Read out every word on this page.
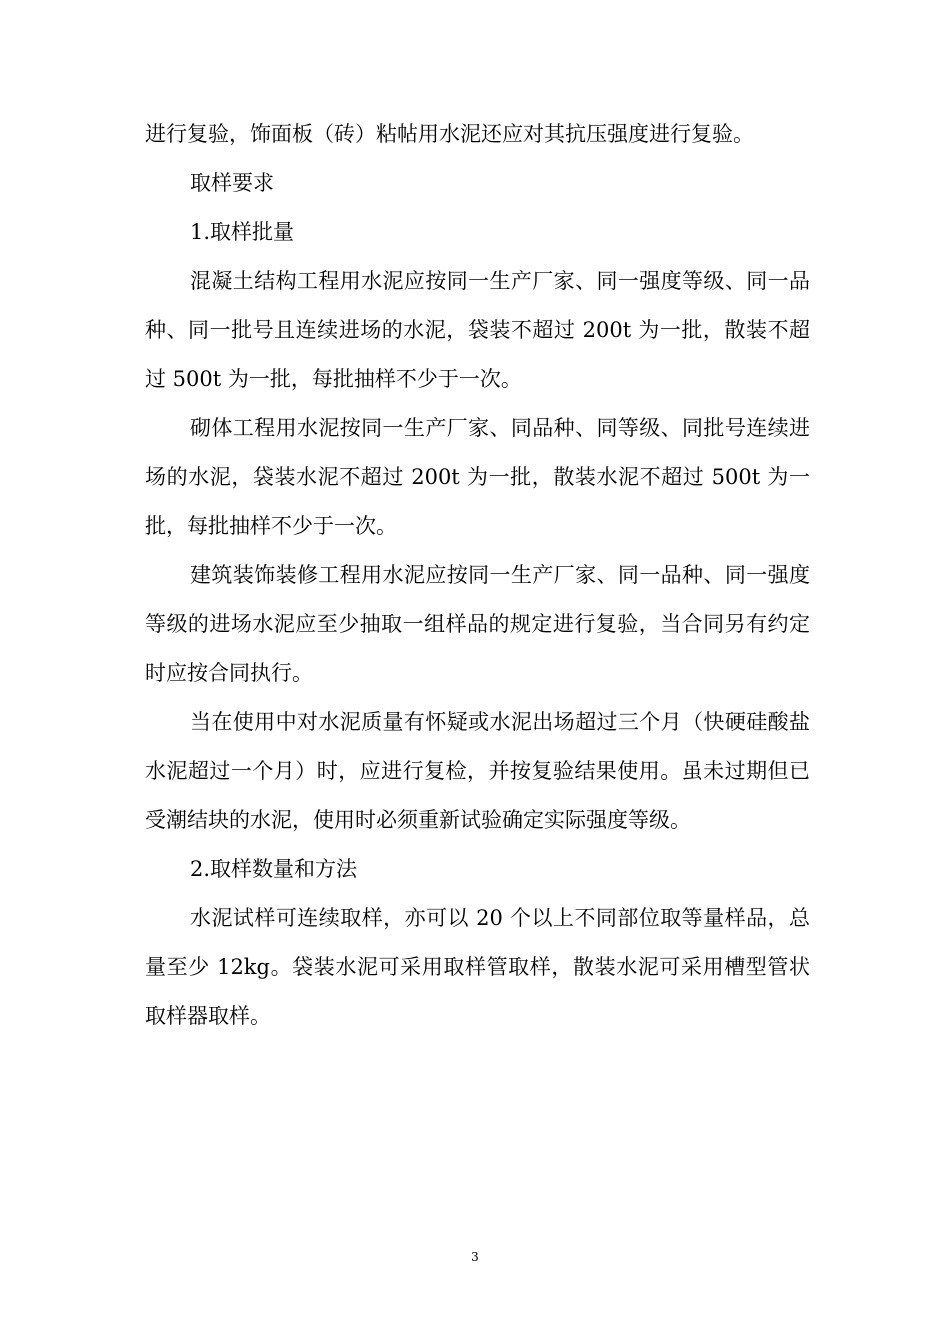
进行复验，饰面板（砖）粘帖用水泥还应对其抗压强度进行复验。

取样要求

1.取样批量

混凝土结构工程用水泥应按同一生产厂家、同一强度等级、同一品种、同一批号且连续进场的水泥，袋装不超过 200t 为一批，散装不超过 500t 为一批，每批抽样不少于一次。

砌体工程用水泥按同一生产厂家、同品种、同等级、同批号连续进场的水泥，袋装水泥不超过 200t 为一批，散装水泥不超过 500t 为一批，每批抽样不少于一次。

建筑装饰装修工程用水泥应按同一生产厂家、同一品种、同一强度等级的进场水泥应至少抽取一组样品的规定进行复验，当合同另有约定时应按合同执行。

当在使用中对水泥质量有怀疑或水泥出场超过三个月（快硬硅酸盐水泥超过一个月）时，应进行复检，并按复验结果使用。虽未过期但已受潮结块的水泥，使用时必须重新试验确定实际强度等级。

2.取样数量和方法

水泥试样可连续取样，亦可以 20 个以上不同部位取等量样品，总量至少 12kg。袋装水泥可采用取样管取样，散装水泥可采用槽型管状取样器取样。

3
